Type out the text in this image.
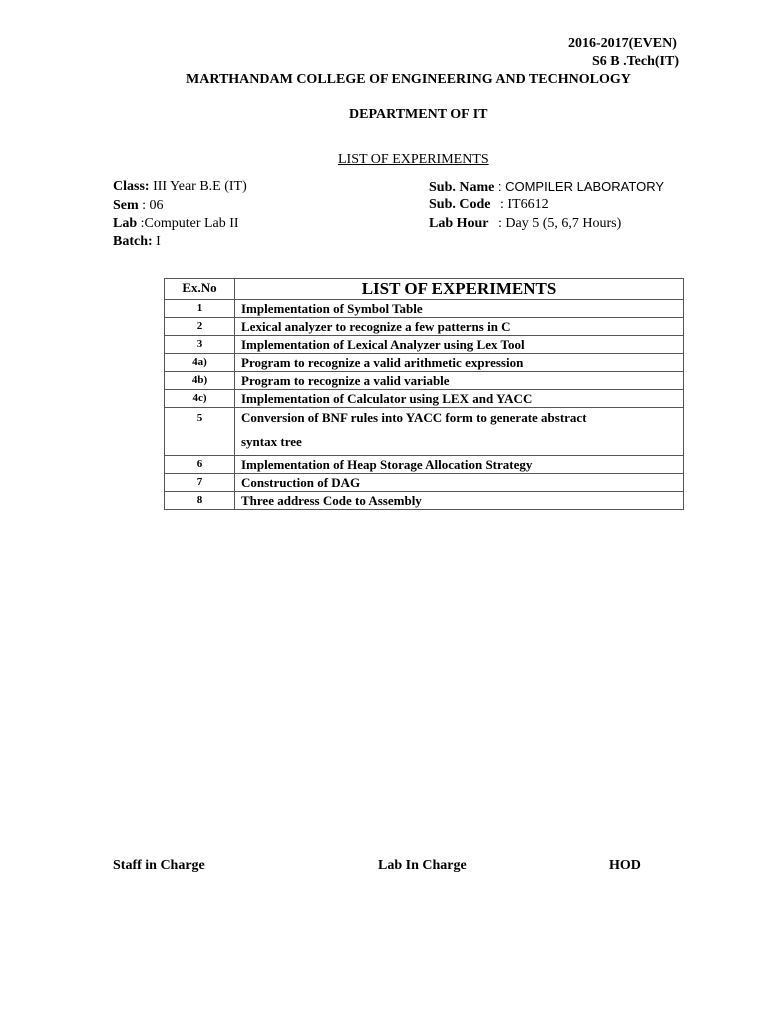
2016-2017(EVEN)
S6 B .Tech(IT)
MARTHANDAM COLLEGE OF ENGINEERING AND TECHNOLOGY
DEPARTMENT OF IT
LIST OF EXPERIMENTS
Class: III Year B.E (IT)
Sem : 06
Lab :Computer Lab II
Batch: I
Sub. Name : COMPILER LABORATORY
Sub. Code : IT6612
Lab Hour : Day 5 (5, 6,7 Hours)
Ex.No	LIST OF EXPERIMENTS
1	Implementation of Symbol Table
2	Lexical analyzer to recognize a few patterns in C
3	Implementation of Lexical Analyzer using Lex Tool
4a)	Program to recognize a valid arithmetic expression
4b)	Program to recognize a valid variable
4c)	Implementation of Calculator using LEX and YACC
5	Conversion of BNF rules into YACC form to generate abstract
syntax tree

6	Implementation of Heap Storage Allocation Strategy
7	Construction of DAG
8	Three address Code to Assembly
Staff in Charge	Lab In Charge	HOD
